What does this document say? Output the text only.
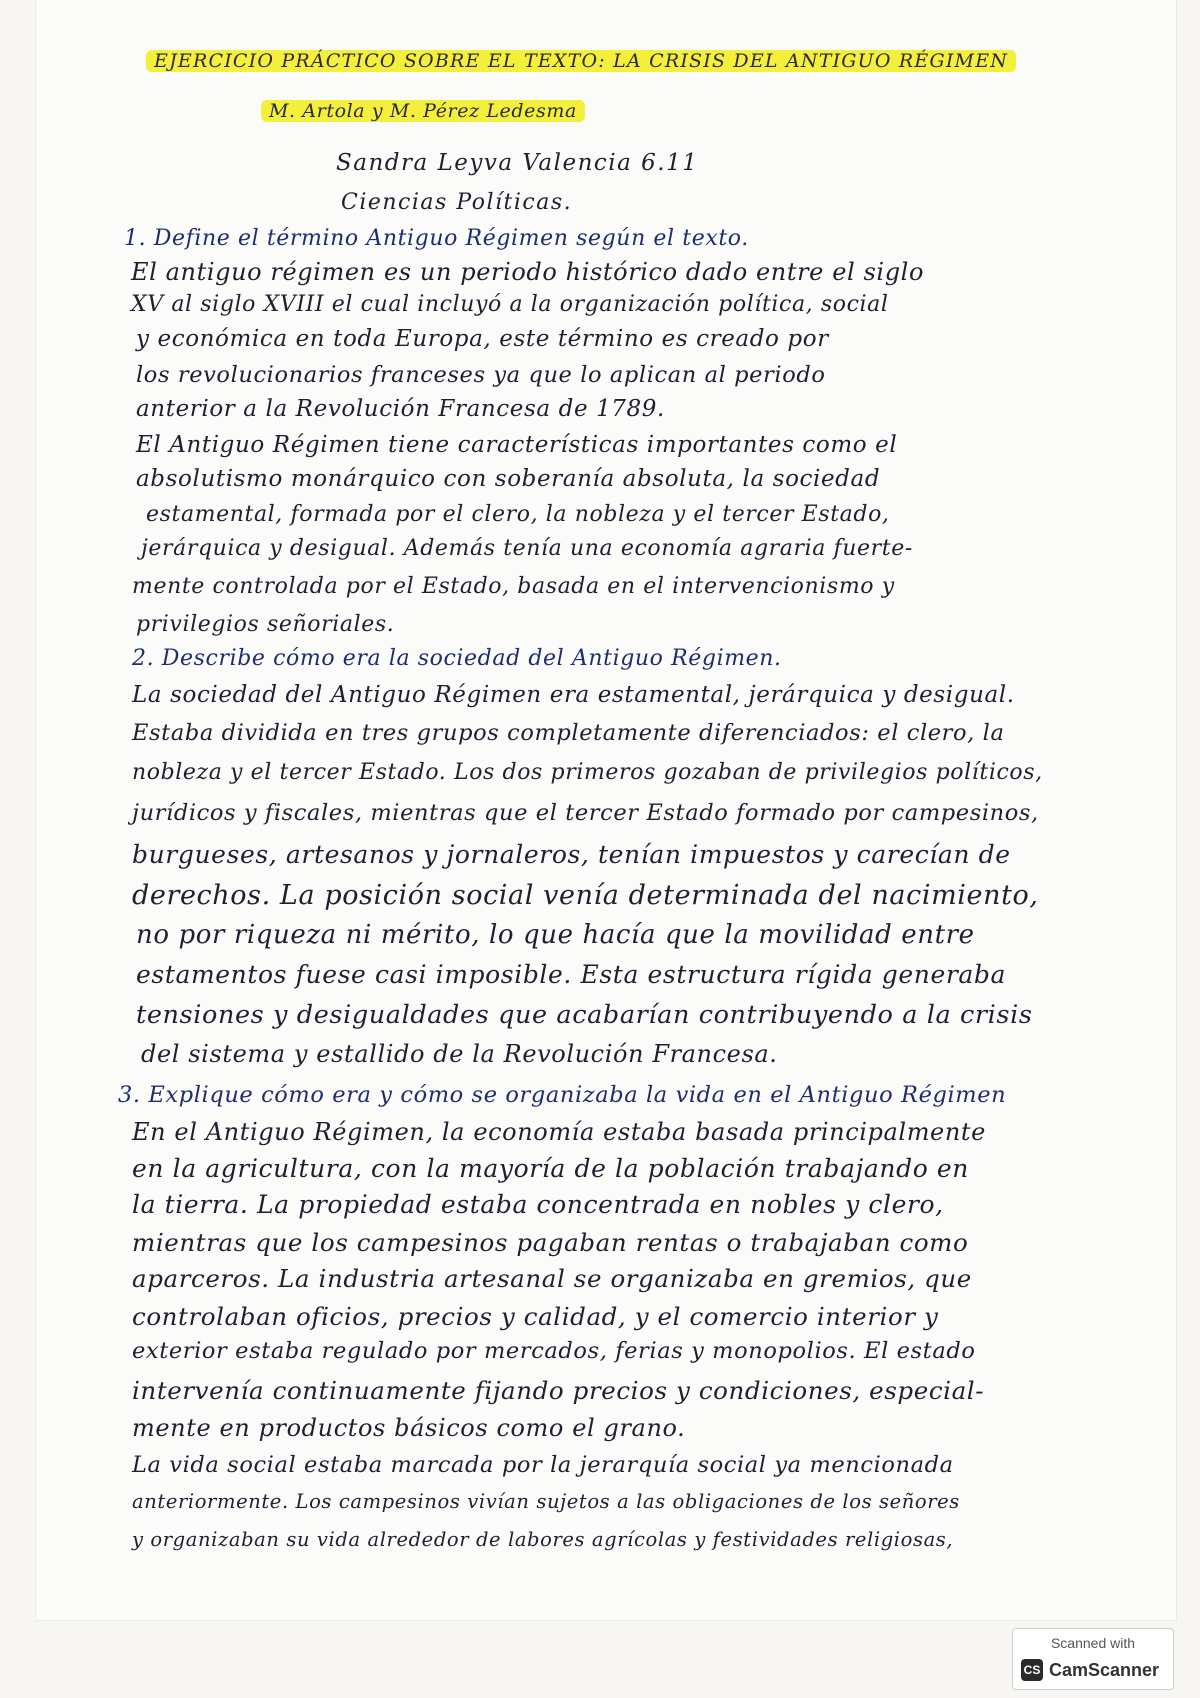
EJERCICIO PRÁCTICO SOBRE EL TEXTO: LA CRISIS DEL ANTIGUO RÉGIMEN
M. Artola y M. Pérez Ledesma
Sandra Leyva Valencia 6.11
Ciencias Políticas.
1. Define el término Antiguo Régimen según el texto.
El antiguo régimen es un periodo histórico dado entre el siglo
XV al siglo XVIII el cual incluyó a la organización política, social
y económica en toda Europa, este término es creado por
los revolucionarios franceses ya que lo aplican al periodo
anterior a la Revolución Francesa de 1789.
El Antiguo Régimen tiene características importantes como el
absolutismo monárquico con soberanía absoluta, la sociedad
estamental, formada por el clero, la nobleza y el tercer Estado,
jerárquica y desigual. Además tenía una economía agraria fuerte-
mente controlada por el Estado, basada en el intervencionismo y
privilegios señoriales.
2. Describe cómo era la sociedad del Antiguo Régimen.
La sociedad del Antiguo Régimen era estamental, jerárquica y desigual.
Estaba dividida en tres grupos completamente diferenciados: el clero, la
nobleza y el tercer Estado. Los dos primeros gozaban de privilegios políticos,
jurídicos y fiscales, mientras que el tercer Estado formado por campesinos,
burgueses, artesanos y jornaleros, tenían impuestos y carecían de
derechos. La posición social venía determinada del nacimiento,
no por riqueza ni mérito, lo que hacía que la movilidad entre
estamentos fuese casi imposible. Esta estructura rígida generaba
tensiones y desigualdades que acabarían contribuyendo a la crisis
del sistema y estallido de la Revolución Francesa.
3. Explique cómo era y cómo se organizaba la vida en el Antiguo Régimen
En el Antiguo Régimen, la economía estaba basada principalmente
en la agricultura, con la mayoría de la población trabajando en
la tierra. La propiedad estaba concentrada en nobles y clero,
mientras que los campesinos pagaban rentas o trabajaban como
aparceros. La industria artesanal se organizaba en gremios, que
controlaban oficios, precios y calidad, y el comercio interior y
exterior estaba regulado por mercados, ferias y monopolios. El estado
intervenía continuamente fijando precios y condiciones, especial-
mente en productos básicos como el grano.
La vida social estaba marcada por la jerarquía social ya mencionada
anteriormente. Los campesinos vivían sujetos a las obligaciones de los señores
y organizaban su vida alrededor de labores agrícolas y festividades religiosas,
Scanned with
CS CamScanner
